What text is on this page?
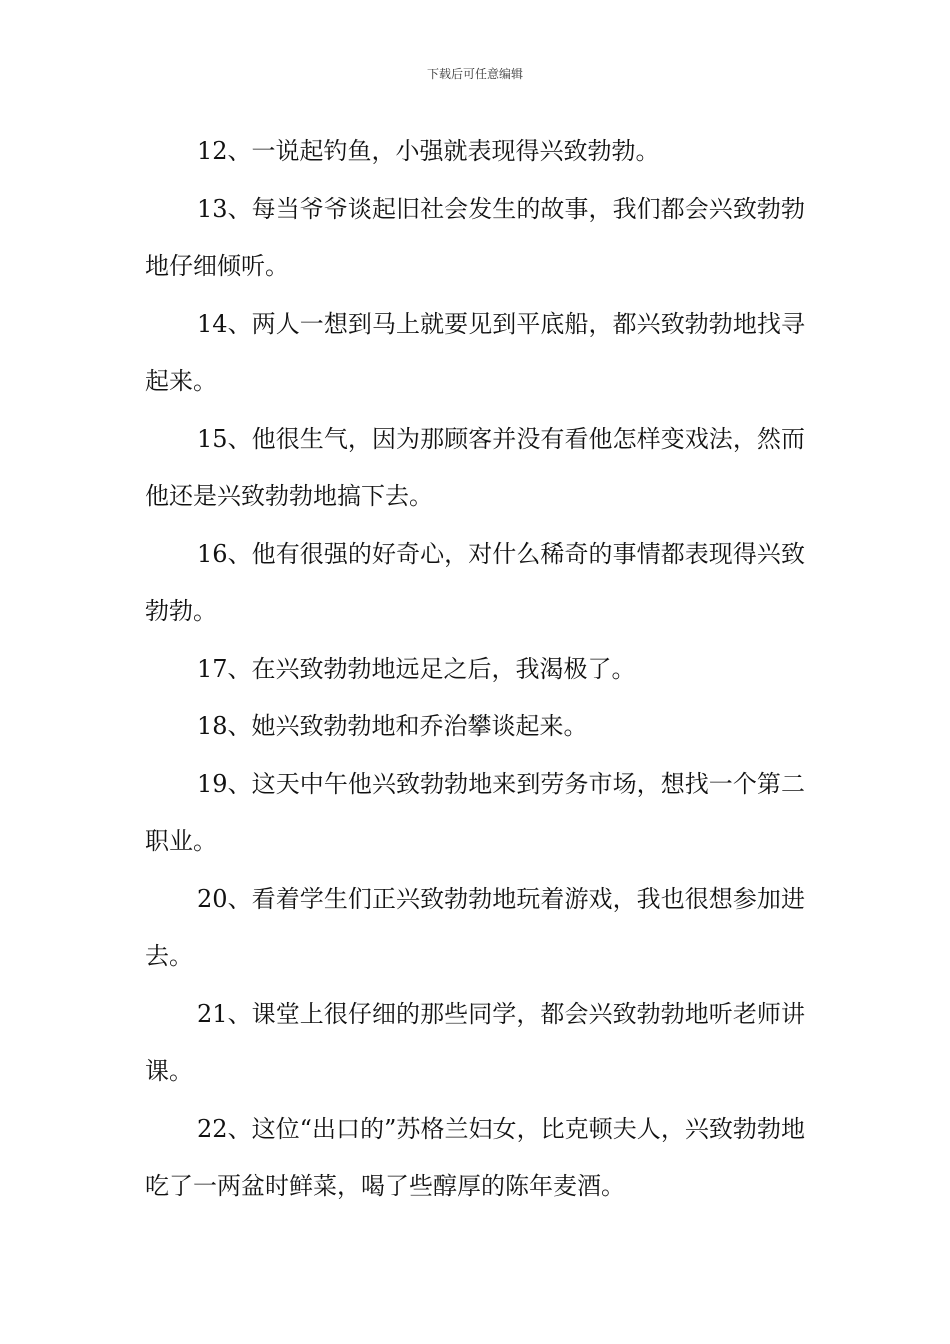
下载后可任意编辑

12、一说起钓鱼，小强就表现得兴致勃勃。

13、每当爷爷谈起旧社会发生的故事，我们都会兴致勃勃地仔细倾听。

14、两人一想到马上就要见到平底船，都兴致勃勃地找寻起来。

15、他很生气，因为那顾客并没有看他怎样变戏法，然而他还是兴致勃勃地搞下去。

16、他有很强的好奇心，对什么稀奇的事情都表现得兴致勃勃。

17、在兴致勃勃地远足之后，我渴极了。

18、她兴致勃勃地和乔治攀谈起来。

19、这天中午他兴致勃勃地来到劳务市场，想找一个第二职业。

20、看着学生们正兴致勃勃地玩着游戏，我也很想参加进去。

21、课堂上很仔细的那些同学，都会兴致勃勃地听老师讲课。

22、这位“出口的”苏格兰妇女，比克顿夫人，兴致勃勃地吃了一两盆时鲜菜，喝了些醇厚的陈年麦酒。
